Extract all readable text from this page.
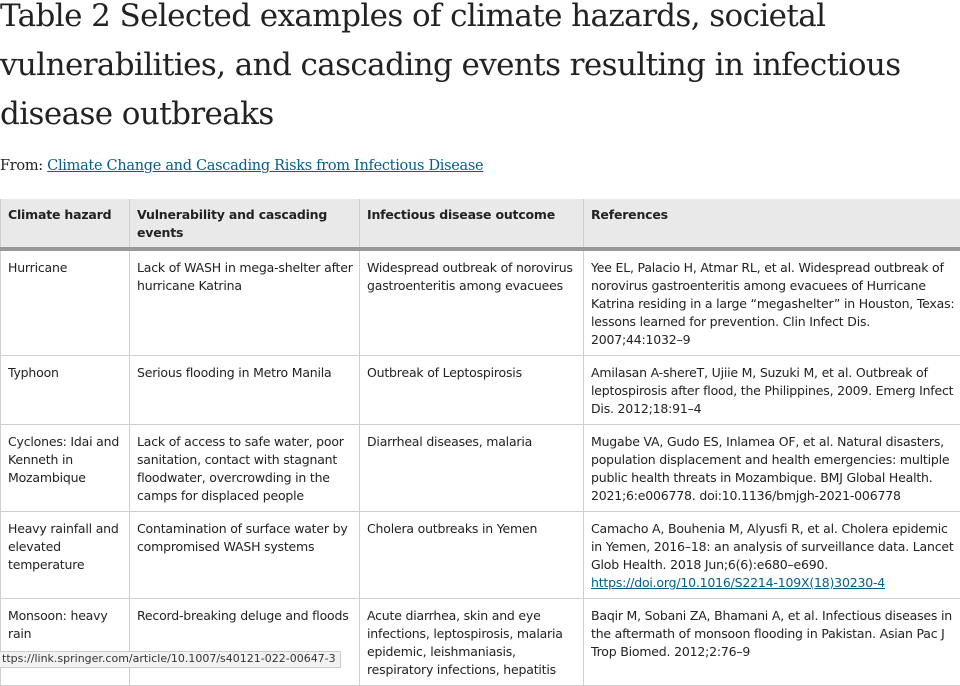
Table 2 Selected examples of climate hazards, societal vulnerabilities, and cascading events resulting in infectious disease outbreaks
From: Climate Change and Cascading Risks from Infectious Disease
Climate hazard	Vulnerability and cascading events	Infectious disease outcome	References
Hurricane	Lack of WASH in mega-shelter after hurricane Katrina	Widespread outbreak of norovirus gastroenteritis among evacuees	Yee EL, Palacio H, Atmar RL, et al. Widespread outbreak of norovirus gastroenteritis among evacuees of Hurricane Katrina residing in a large “megashelter” in Houston, Texas: lessons learned for prevention. Clin Infect Dis. 2007;44:1032–9
Typhoon	Serious flooding in Metro Manila	Outbreak of Leptospirosis	Amilasan A-shereT, Ujiie M, Suzuki M, et al. Outbreak of leptospirosis after flood, the Philippines, 2009. Emerg Infect Dis. 2012;18:91–4
Cyclones: Idai and Kenneth in Mozambique	Lack of access to safe water, poor sanitation, contact with stagnant floodwater, overcrowding in the camps for displaced people	Diarrheal diseases, malaria	Mugabe VA, Gudo ES, Inlamea OF, et al. Natural disasters, population displacement and health emergencies: multiple public health threats in Mozambique. BMJ Global Health. 2021;6:e006778. doi:10.1136/bmjgh-2021-006778
Heavy rainfall and elevated temperature	Contamination of surface water by compromised WASH systems	Cholera outbreaks in Yemen	Camacho A, Bouhenia M, Alyusfi R, et al. Cholera epidemic in Yemen, 2016–18: an analysis of surveillance data. Lancet Glob Health. 2018 Jun;6(6):e680–e690. https://doi.org/10.1016/S2214-109X(18)30230-4
Monsoon: heavy rain	Record-breaking deluge and floods	Acute diarrhea, skin and eye infections, leptospirosis, malaria epidemic, leishmaniasis, respiratory infections, hepatitis	Baqir M, Sobani ZA, Bhamani A, et al. Infectious diseases in the aftermath of monsoon flooding in Pakistan. Asian Pac J Trop Biomed. 2012;2:76–9
ttps://link.springer.com/article/10.1007/s40121-022-00647-3
